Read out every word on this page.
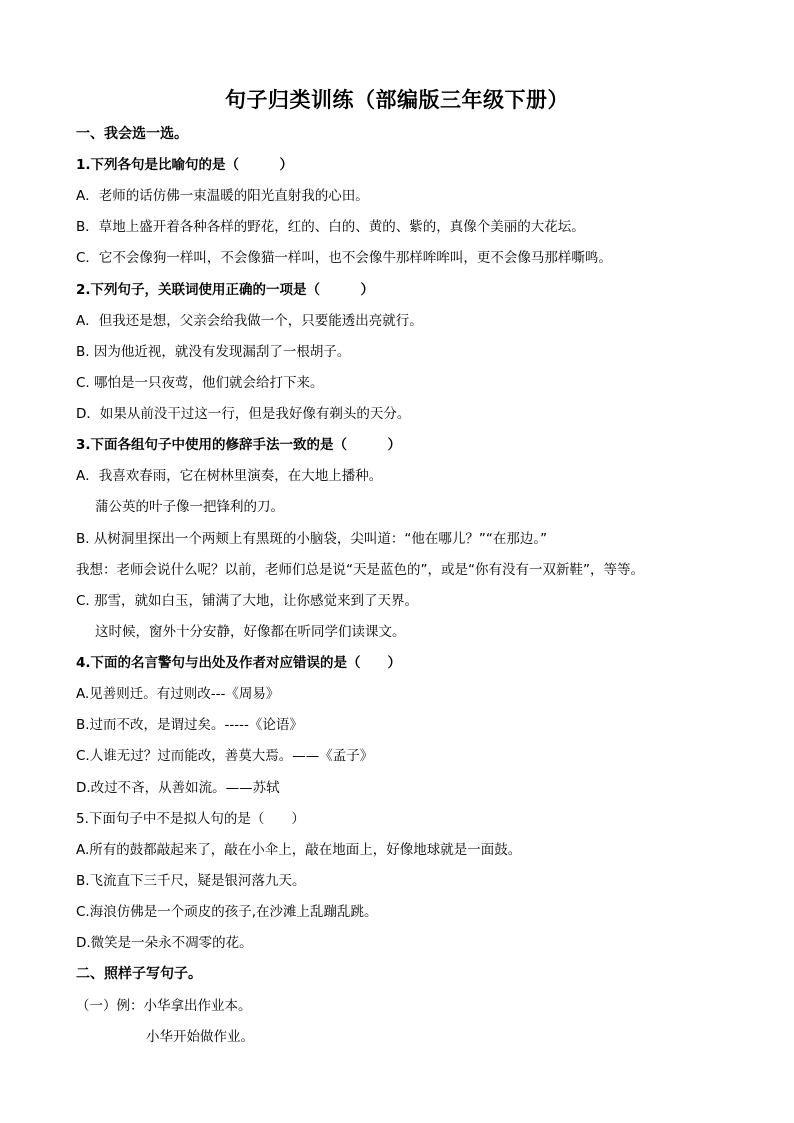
句子归类训练（部编版三年级下册）
一、我会选一选。
1.下列各句是比喻句的是（　　　）
A．老师的话仿佛一束温暖的阳光直射我的心田。
B．草地上盛开着各种各样的野花，红的、白的、黄的、紫的，真像个美丽的大花坛。
C．它不会像狗一样叫，不会像猫一样叫，也不会像牛那样哞哞叫，更不会像马那样嘶鸣。
2.下列句子，关联词使用正确的一项是（　　　）
A．但我还是想，父亲会给我做一个，只要能透出亮就行。
B. 因为他近视，就没有发现漏刮了一根胡子。
C. 哪怕是一只夜莺，他们就会给打下来。
D．如果从前没干过这一行，但是我好像有剃头的天分。
3.下面各组句子中使用的修辞手法一致的是（　　　）
A．我喜欢春雨，它在树林里演奏，在大地上播种。
蒲公英的叶子像一把锋利的刀。
B. 从树洞里探出一个两颊上有黑斑的小脑袋，尖叫道：“他在哪儿？”“在那边。”
我想：老师会说什么呢？以前，老师们总是说“天是蓝色的”，或是“你有没有一双新鞋”，等等。
C. 那雪，就如白玉，铺满了大地，让你感觉来到了天界。
这时候，窗外十分安静，好像都在听同学们读课文。
4.下面的名言警句与出处及作者对应错误的是（　　）
A.见善则迁。有过则改---《周易》
B.过而不改，是谓过矣。-----《论语》
C.人谁无过？过而能改，善莫大焉。——《孟子》
D.改过不吝，从善如流。——苏轼
5.下面句子中不是拟人句的是（　　）
A.所有的鼓都敲起来了，敲在小伞上，敲在地面上，好像地球就是一面鼓。
B.飞流直下三千尺，疑是银河落九天。
C.海浪仿佛是一个顽皮的孩子,在沙滩上乱蹦乱跳。
D.微笑是一朵永不凋零的花。
二、照样子写句子。
（一）例：小华拿出作业本。
小华开始做作业。
